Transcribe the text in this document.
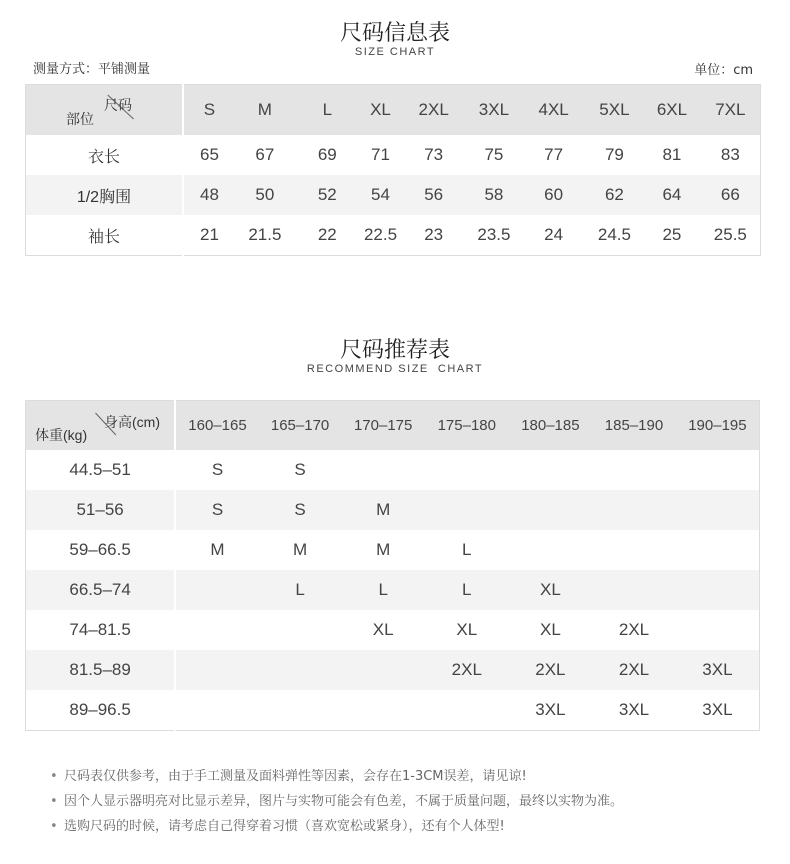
尺码信息表
SIZE CHART
测量方式：平铺测量	单位：cm
尺码
部位	S	M	L	XL	2XL	3XL	4XL	5XL	6XL	7XL
衣长	65	67	69	71	73	75	77	79	81	83
1/2胸围	48	50	52	54	56	58	60	62	64	66
袖长	21	21.5	22	22.5	23	23.5	24	24.5	25	25.5
尺码推荐表
RECOMMEND SIZE  CHART
身高(cm)
体重(kg)	160–165	165–170	170–175	175–180	180–185	185–190	190–195
44.5–51	S	S					
51–56	S	S	M				
59–66.5	M	M	M	L			
66.5–74		L	L	L	XL		
74–81.5			XL	XL	XL	2XL	
81.5–89				2XL	2XL	2XL	3XL
89–96.5					3XL	3XL	3XL
• 尺码表仅供参考，由于手工测量及面料弹性等因素，会存在1-3CM误差，请见谅!
• 因个人显示器明亮对比显示差异，图片与实物可能会有色差，不属于质量问题，最终以实物为准。
• 选购尺码的时候，请考虑自己得穿着习惯（喜欢宽松或紧身），还有个人体型!
